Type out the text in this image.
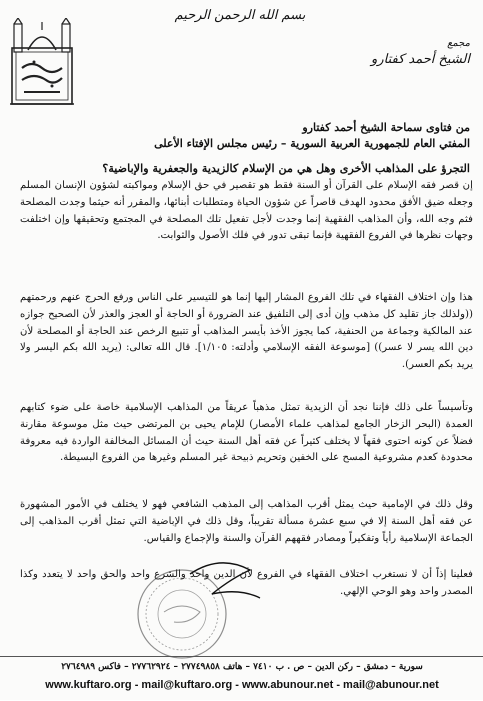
بسم الله الرحمن الرحيم
مجمع
الشيخ أحمد كفتارو
من فتاوى سماحة الشيخ أحمد كفتارو
المفتي العام للجمهورية العربية السورية – رئيس مجلس الإفتاء الأعلى
التجرؤ على المذاهب الأخرى وهل هي من الإسلام كالزيدية والجعفرية والإباضية؟
إن قصر فقه الإسلام على القرآن أو السنة فقط هو تقصير في حق الإسلام ومواكبته لشؤون الإنسان المسلم وجعله ضيق الأفق محدود الهدف قاصراً عن شؤون الحياة ومتطلبات أبنائها، والمقرر أنه حيثما وجدت المصلحة فثم وجه الله، وأن المذاهب الفقهية إنما وجدت لأجل تفعيل تلك المصلحة في المجتمع وتحقيقها وإن اختلفت وجهات نظرها في الفروع الفقهية فإنما تبقى تدور في فلك الأصول والثوابت.
هذا وإن اختلاف الفقهاء في تلك الفروع المشار إليها إنما هو للتيسير على الناس ورفع الحرج عنهم ورحمتهم ((ولذلك جاز تقليد كل مذهب وإن أدى إلى التلفيق عند الضرورة أو الحاجة أو العجز والعذر لأن الصحيح جوازه عند المالكية وجماعة من الحنفية، كما يجوز الأخذ بأيسر المذاهب أو تتبيع الرخص عند الحاجة أو المصلحة لأن دين الله يسر لا عسر)) [موسوعة الفقه الإسلامي وأدلته: ١/١٠٥]. قال الله تعالى: (يريد الله بكم اليسر ولا يريد بكم العسر).
وتأسيساً على ذلك فإننا نجد أن الزيدية تمثل مذهباً عريقاً من المذاهب الإسلامية خاصة على ضوء كتابهم العمدة (البحر الزخار الجامع لمذاهب علماء الأمصار) للإمام يحيى بن المرتضى حيث مثل موسوعة مقارنة فضلاً عن كونه احتوى فقهاً لا يختلف كثيراً عن فقه أهل السنة حيث أن المسائل المخالفة الواردة فيه معروفة محدودة كعدم مشروعية المسح على الخفين وتحريم ذبيحة غير المسلم وغيرها من الفروع البسيطة.
وقل ذلك في الإمامية حيث يمثل أقرب المذاهب إلى المذهب الشافعي فهو لا يختلف في الأمور المشهورة عن فقه أهل السنة إلا في سبع عشرة مسألة تقريباً، وقل ذلك في الإباضية التي تمثل أقرب المذاهب إلى الجماعة الإسلامية رأياً وتفكيراً ومصادر فقههم القرآن والسنة والإجماع والقياس.
فعلينا إذاً أن لا نستغرب اختلاف الفقهاء في الفروع لأن الدين واحد والشرع واحد والحق واحد لا يتعدد وكذا المصدر واحد وهو الوحي الإلهي.
سورية – دمشق – ركن الدين – ص . ب ٧٤١٠ – هاتف ٢٧٧٤٩٨٥٨ – ٢٧٧٦٢٩٢٤ – فاكس ٢٧٦٤٩٨٩
www.kuftaro.org - mail@kuftaro.org - www.abunour.net - mail@abunour.net
